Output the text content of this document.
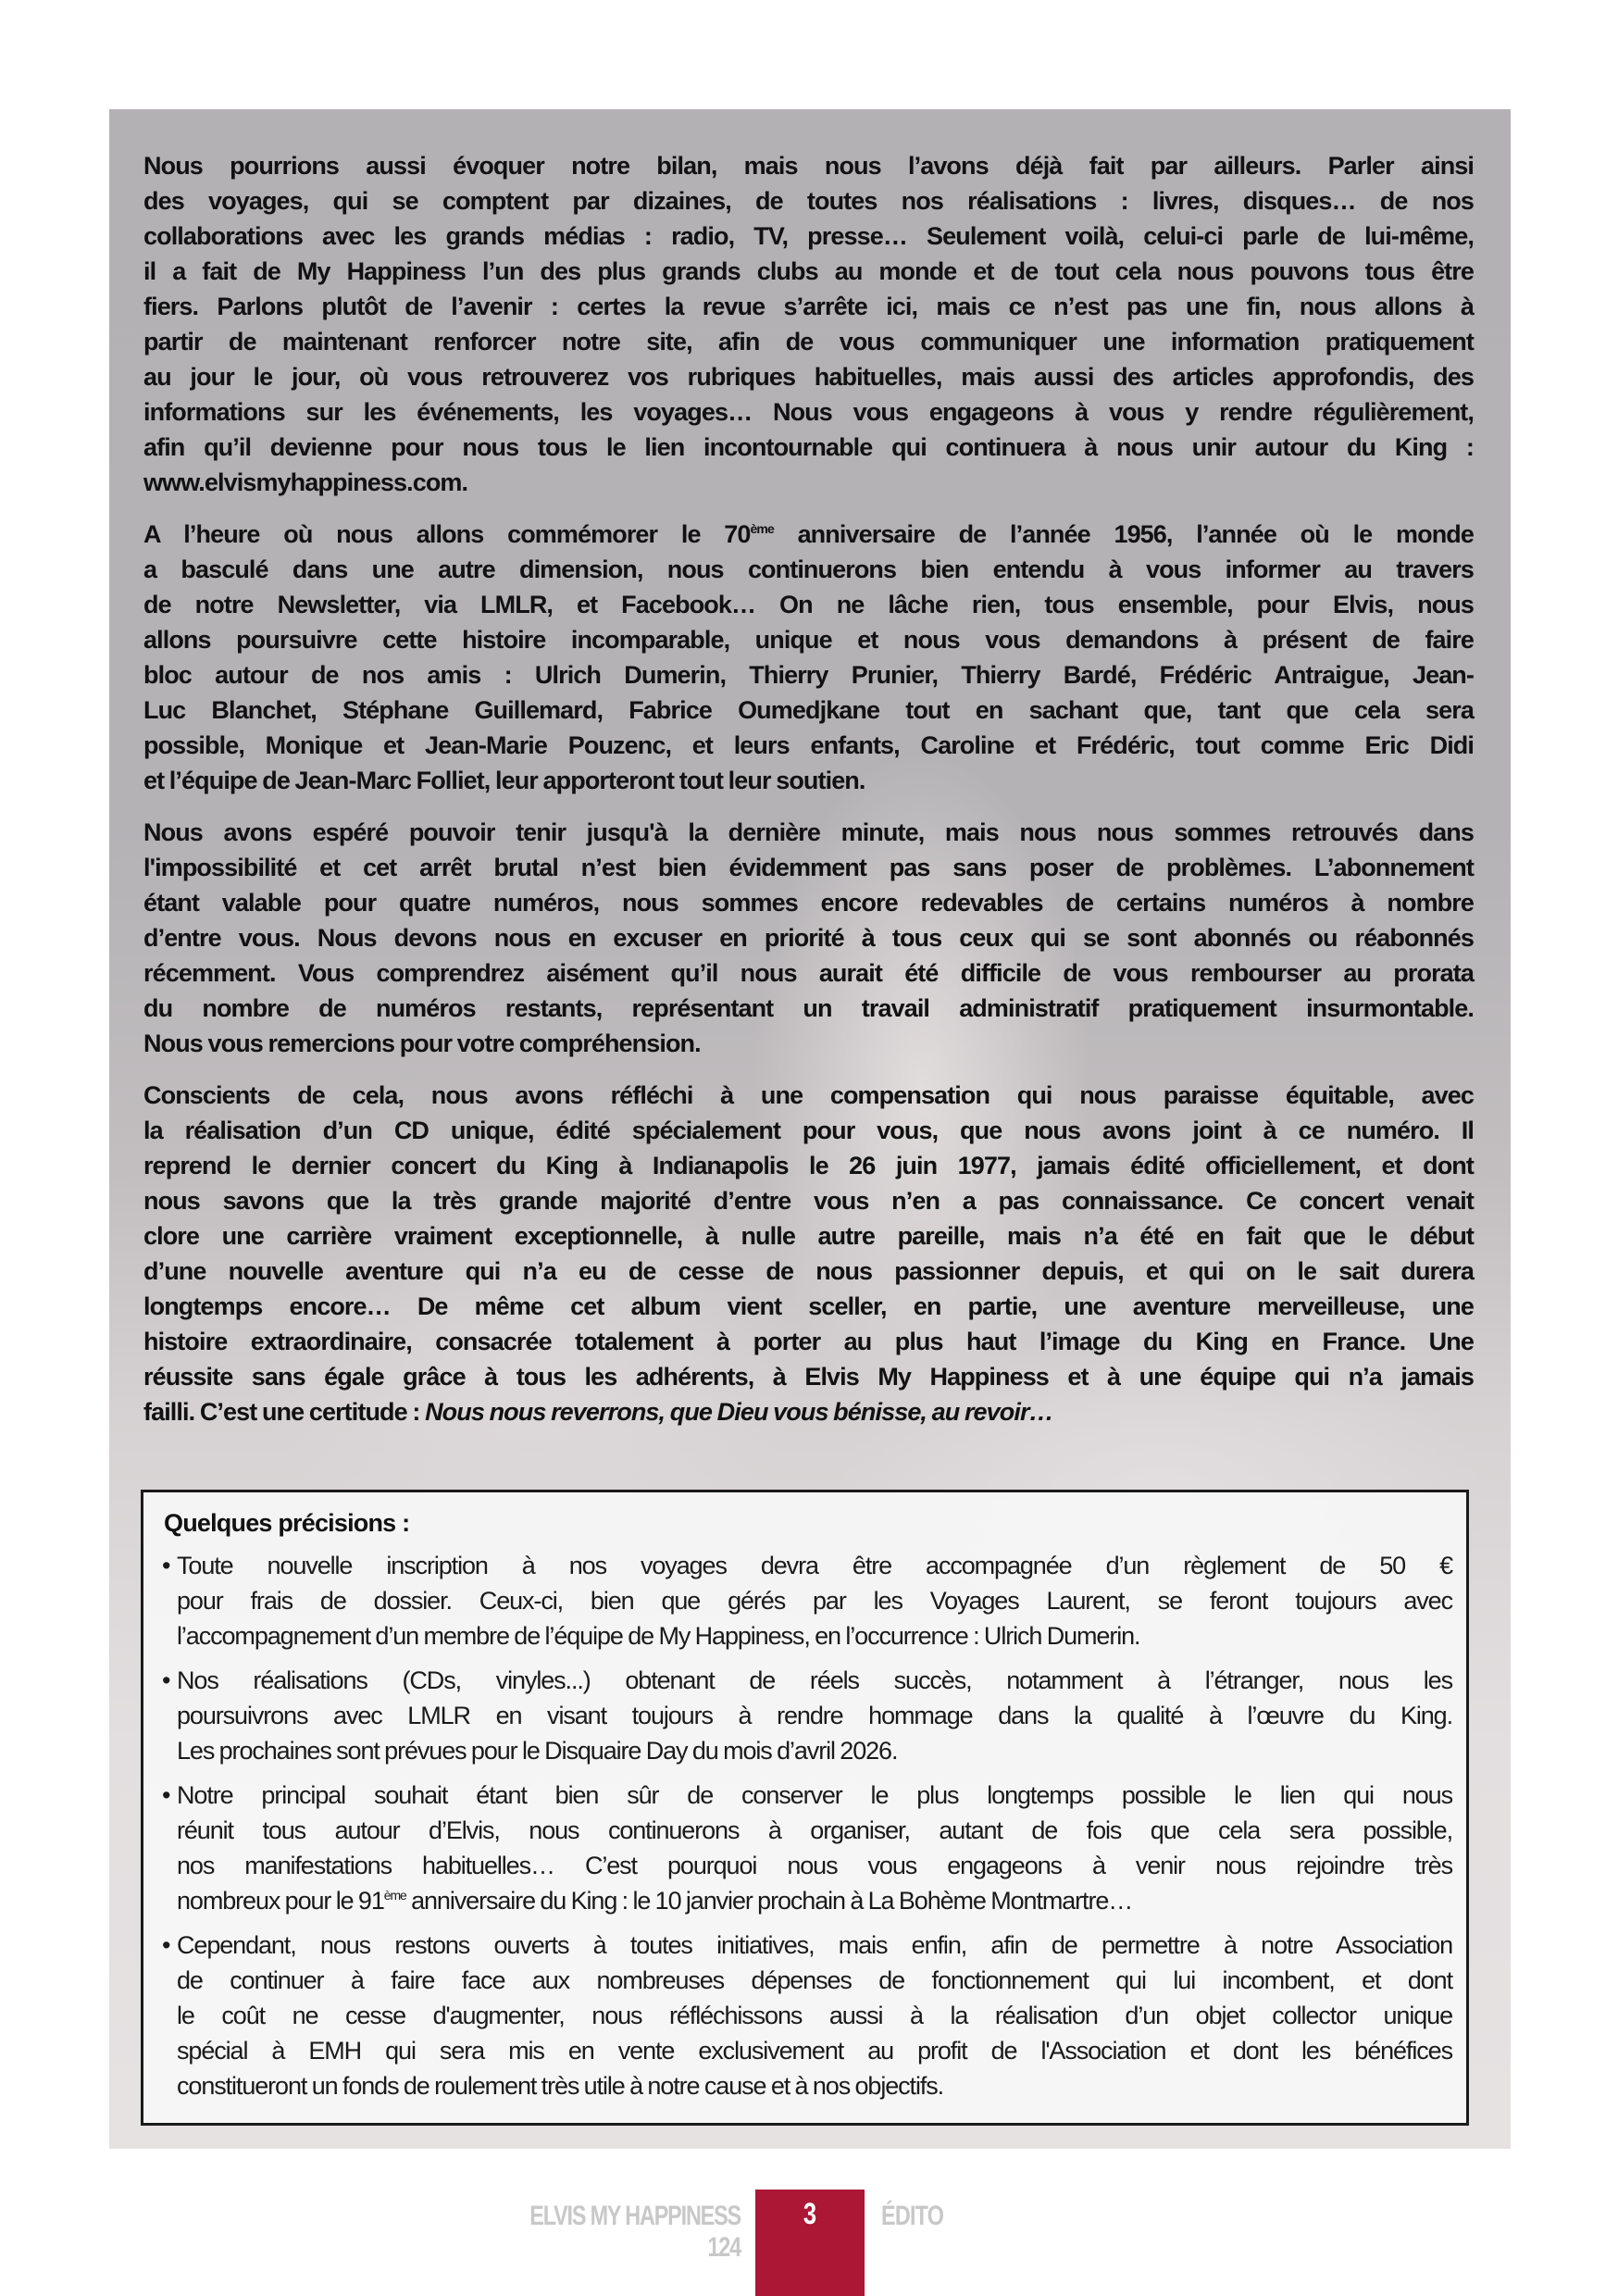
Nous pourrions aussi évoquer notre bilan, mais nous l’avons déjà fait par ailleurs. Parler ainsi
des voyages, qui se comptent par dizaines, de toutes nos réalisations : livres, disques… de nos
collaborations avec les grands médias : radio, TV, presse… Seulement voilà, celui-ci parle de lui-même,
il a fait de My Happiness l’un des plus grands clubs au monde et de tout cela nous pouvons tous être
fiers. Parlons plutôt de l’avenir : certes la revue s’arrête ici, mais ce n’est pas une fin, nous allons à
partir de maintenant renforcer notre site, afin de vous communiquer une information pratiquement
au jour le jour, où vous retrouverez vos rubriques habituelles, mais aussi des articles approfondis, des
informations sur les événements, les voyages… Nous vous engageons à vous y rendre régulièrement,
afin qu’il devienne pour nous tous le lien incontournable qui continuera à nous unir autour du King :
www.elvismyhappiness.com.
A l’heure où nous allons commémorer le 70ème anniversaire de l’année 1956, l’année où le monde
a basculé dans une autre dimension, nous continuerons bien entendu à vous informer au travers
de notre Newsletter, via LMLR, et Facebook… On ne lâche rien, tous ensemble, pour Elvis, nous
allons poursuivre cette histoire incomparable, unique et nous vous demandons à présent de faire
bloc autour de nos amis : Ulrich Dumerin, Thierry Prunier, Thierry Bardé, Frédéric Antraigue, Jean-
Luc Blanchet, Stéphane Guillemard, Fabrice Oumedjkane tout en sachant que, tant que cela sera
possible, Monique et Jean-Marie Pouzenc, et leurs enfants, Caroline et Frédéric, tout comme Eric Didi
et l’équipe de Jean-Marc Folliet, leur apporteront tout leur soutien.
Nous avons espéré pouvoir tenir jusqu'à la dernière minute, mais nous nous sommes retrouvés dans
l'impossibilité et cet arrêt brutal n’est bien évidemment pas sans poser de problèmes. L’abonnement
étant valable pour quatre numéros, nous sommes encore redevables de certains numéros à nombre
d’entre vous. Nous devons nous en excuser en priorité à tous ceux qui se sont abonnés ou réabonnés
récemment. Vous comprendrez aisément qu’il nous aurait été difficile de vous rembourser au prorata
du nombre de numéros restants, représentant un travail administratif pratiquement insurmontable.
Nous vous remercions pour votre compréhension.
Conscients de cela, nous avons réfléchi à une compensation qui nous paraisse équitable, avec
la réalisation d’un CD unique, édité spécialement pour vous, que nous avons joint à ce numéro. Il
reprend le dernier concert du King à Indianapolis le 26 juin 1977, jamais édité officiellement, et dont
nous savons que la très grande majorité d’entre vous n’en a pas connaissance. Ce concert venait
clore une carrière vraiment exceptionnelle, à nulle autre pareille, mais n’a été en fait que le début
d’une nouvelle aventure qui n’a eu de cesse de nous passionner depuis, et qui on le sait durera
longtemps encore… De même cet album vient sceller, en partie, une aventure merveilleuse, une
histoire extraordinaire, consacrée totalement à porter au plus haut l’image du King en France. Une
réussite sans égale grâce à tous les adhérents, à Elvis My Happiness et à une équipe qui n’a jamais
failli. C’est une certitude : Nous nous reverrons, que Dieu vous bénisse, au revoir…
Quelques précisions :
• Toute nouvelle inscription à nos voyages devra être accompagnée d’un règlement de 50 €
pour frais de dossier. Ceux-ci, bien que gérés par les Voyages Laurent, se feront toujours avec
l’accompagnement d’un membre de l’équipe de My Happiness, en l’occurrence : Ulrich Dumerin.
• Nos réalisations (CDs, vinyles...) obtenant de réels succès, notamment à l’étranger, nous les
poursuivrons avec LMLR en visant toujours à rendre hommage dans la qualité à l’œuvre du King.
Les prochaines sont prévues pour le Disquaire Day du mois d’avril 2026.
• Notre principal souhait étant bien sûr de conserver le plus longtemps possible le lien qui nous
réunit tous autour d’Elvis, nous continuerons à organiser, autant de fois que cela sera possible,
nos manifestations habituelles… C’est pourquoi nous vous engageons à venir nous rejoindre très
nombreux pour le 91ème anniversaire du King : le 10 janvier prochain à La Bohème Montmartre…
• Cependant, nous restons ouverts à toutes initiatives, mais enfin, afin de permettre à notre Association
de continuer à faire face aux nombreuses dépenses de fonctionnement qui lui incombent, et dont
le coût ne cesse d'augmenter, nous réfléchissons aussi à la réalisation d’un objet collector unique
spécial à EMH qui sera mis en vente exclusivement au profit de l'Association et dont les bénéfices
constitueront un fonds de roulement très utile à notre cause et à nos objectifs.
ELVIS MY HAPPINESS 124
3	ÉDITO
